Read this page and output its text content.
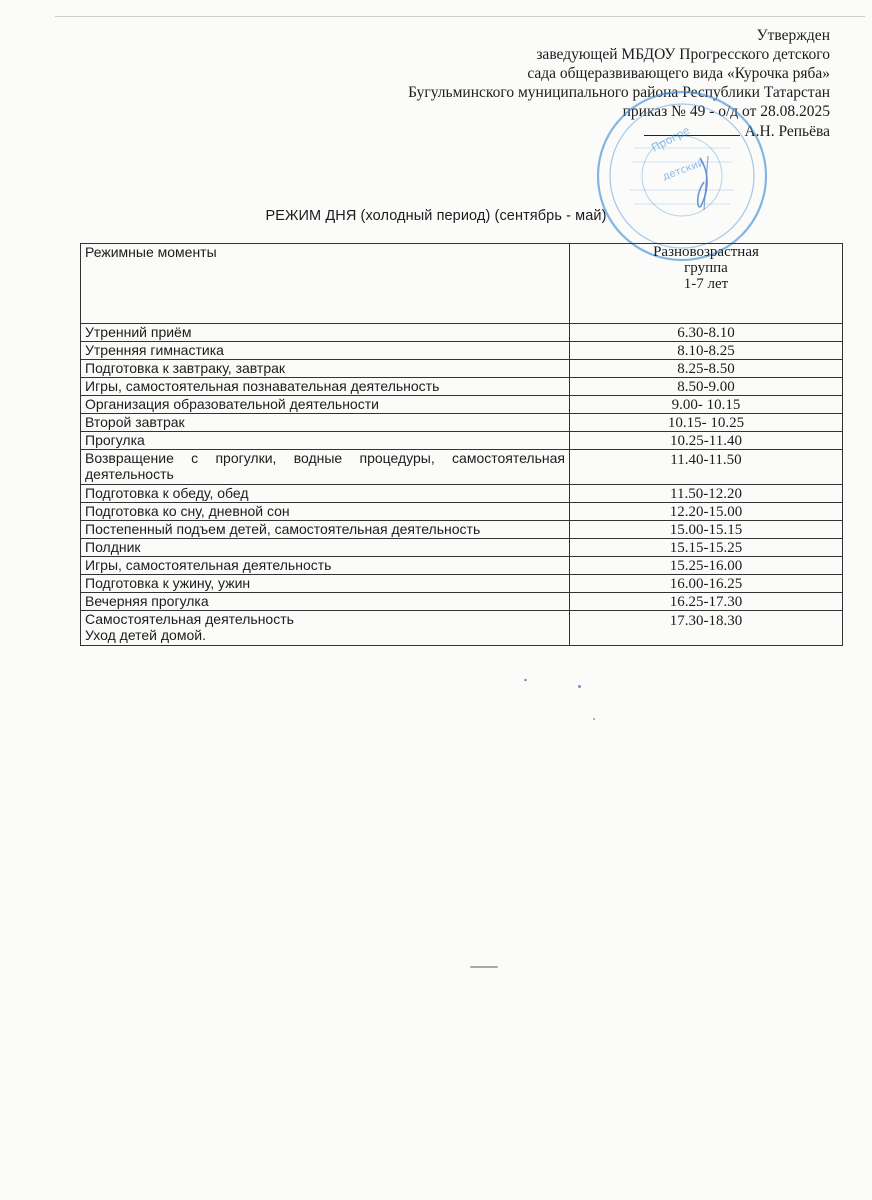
Утвержден
заведующей МБДОУ Прогресского детского
сада общеразвивающего вида «Курочка ряба»
Бугульминского муниципального района Республики Татарстан
приказ № 49 - о/д от 28.08.2025
А.Н. Репьёва
Прогре
детский
РЕЖИМ ДНЯ (холодный период) (сентябрь - май)
Режимные моменты	Разновозрастная
группа
1-7 лет

Утренний приём	6.30-8.10
Утренняя гимнастика	8.10-8.25
Подготовка к завтраку, завтрак	8.25-8.50
Игры, самостоятельная познавательная деятельность	8.50-9.00
Организация образовательной деятельности	9.00- 10.15
Второй завтрак	10.15- 10.25
Прогулка	10.25-11.40

Возвращение с прогулки, водные процедуры, самостоятельная
деятельность	11.40-11.50
Подготовка к обеду, обед	11.50-12.20
Подготовка ко сну, дневной сон	12.20-15.00
Постепенный подъем детей, самостоятельная деятельность	15.00-15.15
Полдник	15.15-15.25
Игры, самостоятельная деятельность	15.25-16.00
Подготовка к ужину, ужин	16.00-16.25
Вечерняя прогулка	16.25-17.30

Самостоятельная деятельность
Уход детей домой.	17.30-18.30
